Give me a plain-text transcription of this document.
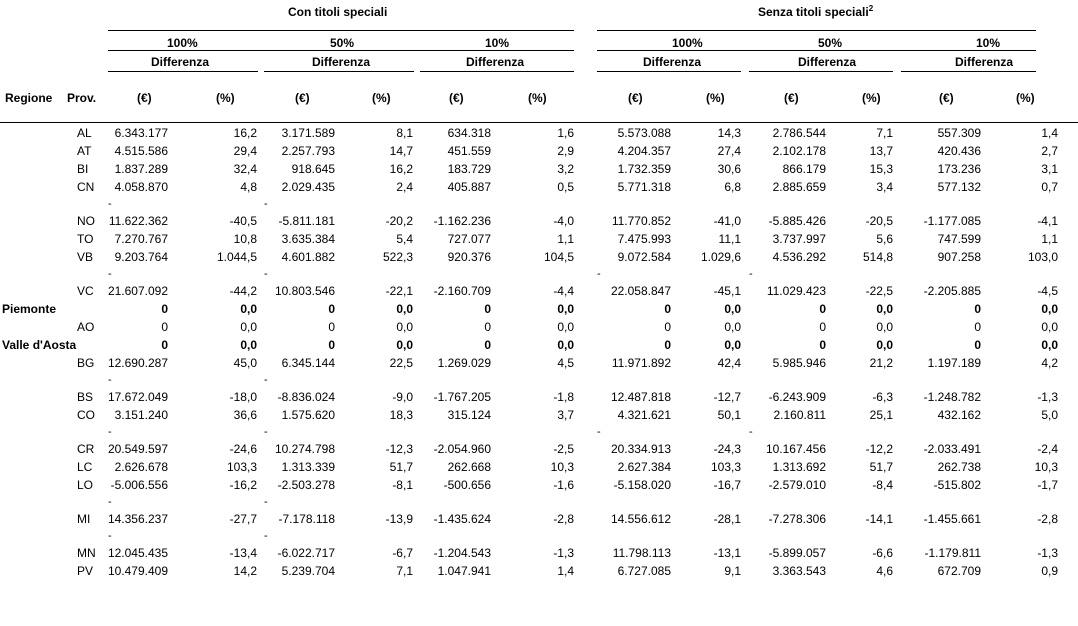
Con titoli speciali	Senza titoli speciali$^2$
100%	50%	10%	100%	50%	10%
Differenza	Differenza	Differenza	Differenza	Differenza	Differenza
Regione Prov.	(€)	(%)	(€)	(%)	(€)	(%)	(€)	(%)	(€)	(%)	(€)	(%)
AL 6.343.177	16,2 3.171.589	8,1	634.318	1,6	5.573.088	14,3	2.786.544	7,1	557.309	1,4
AT 4.515.586	29,4 2.257.793	14,7	451.559	2,9	4.204.357	27,4	2.102.178	13,7	420.436	2,7
BI 1.837.289	32,4	918.645	16,2	183.729	3,2	1.732.359	30,6	866.179	15,3	173.236	3,1
CN 4.058.870	4,8 2.029.435	2,4	405.887	0,5	5.771.318	6,8	2.885.659	3,4	577.132	0,7
-	-
NO 11.622.362	-40,5 -5.811.181	-20,2 -1.162.236	-4,0	11.770.852	-41,0 -5.885.426	-20,5	-1.177.085	-4,1
TO 7.270.767	10,8 3.635.384	5,4	727.077	1,1	7.475.993	11,1	3.737.997	5,6	747.599	1,1
VB 9.203.764	1.044,5 4.601.882	522,3	920.376	104,5	9.072.584 1.029,6	4.536.292	514,8	907.258	103,0
-	-	-	-
VC 21.607.092	-44,2 10.803.546	-22,1 -2.160.709	-4,4	22.058.847	-45,1 11.029.423	-22,5	-2.205.885	-4,5
Piemonte	0	0,0	0	0,0	0	0,0	0	0,0	0	0,0	0	0,0
AO	0	0,0	0	0,0	0	0,0	0	0,0	0	0,0	0	0,0
Valle d'Aosta	0	0,0	0	0,0	0	0,0	0	0,0	0	0,0	0	0,0
BG 12.690.287	45,0 6.345.144	22,5 1.269.029	4,5	11.971.892	42,4	5.985.946	21,2	1.197.189	4,2
-	-
BS 17.672.049	-18,0 -8.836.024	-9,0 -1.767.205	-1,8	12.487.818	-12,7 -6.243.909	-6,3	-1.248.782	-1,3
CO 3.151.240	36,6 1.575.620	18,3	315.124	3,7	4.321.621	50,1	2.160.811	25,1	432.162	5,0
-	-	-	-
CR 20.549.597	-24,6 10.274.798	-12,3 -2.054.960	-2,5	20.334.913	-24,3 10.167.456	-12,2	-2.033.491	-2,4
LC 2.626.678	103,3 1.313.339	51,7	262.668	10,3	2.627.384	103,3	1.313.692	51,7	262.738	10,3
LO -5.006.556	-16,2 -2.503.278	-8,1	-500.656	-1,6	-5.158.020	-16,7 -2.579.010	-8,4	-515.802	-1,7
-	-
MI 14.356.237	-27,7 -7.178.118	-13,9 -1.435.624	-2,8	14.556.612	-28,1 -7.278.306	-14,1	-1.455.661	-2,8
-	-
MN 12.045.435	-13,4 -6.022.717	-6,7 -1.204.543	-1,3	11.798.113	-13,1 -5.899.057	-6,6	-1.179.811	-1,3
PV 10.479.409	14,2 5.239.704	7,1 1.047.941	1,4	6.727.085	9,1	3.363.543	4,6	672.709	0,9
